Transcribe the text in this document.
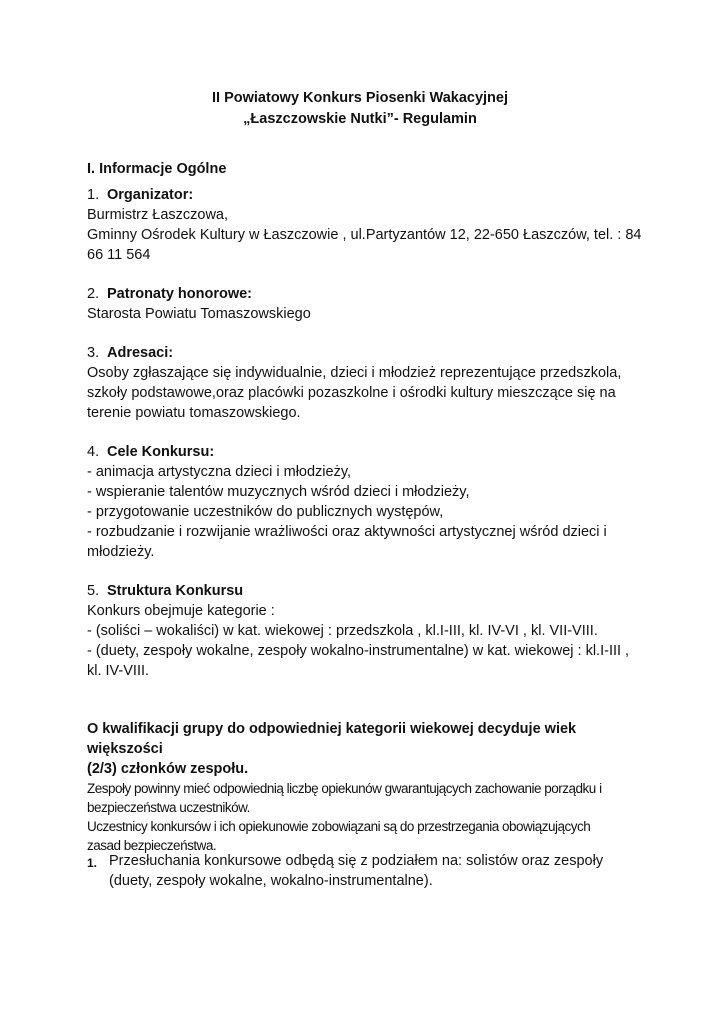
II Powiatowy Konkurs Piosenki Wakacyjnej
„Łaszczowskie Nutki”- Regulamin

I. Informacje Ogólne

1. Organizator:

Burmistrz Łaszczowa,

Gminny Ośrodek Kultury w Łaszczowie , ul.Partyzantów 12, 22-650 Łaszczów, tel. : 84

66 11 564

2. Patronaty honorowe:

Starosta Powiatu Tomaszowskiego

3. Adresaci:

Osoby zgłaszające się indywidualnie, dzieci i młodzież reprezentujące przedszkola,

szkoły podstawowe,oraz placówki pozaszkolne i ośrodki kultury mieszczące się na

terenie powiatu tomaszowskiego.

4. Cele Konkursu:

- animacja artystyczna dzieci i młodzieży,

- wspieranie talentów muzycznych wśród dzieci i młodzieży,

- przygotowanie uczestników do publicznych występów,

- rozbudzanie i rozwijanie wrażliwości oraz aktywności artystycznej wśród dzieci i

młodzieży.

5. Struktura Konkursu

Konkurs obejmuje kategorie :

- (soliści – wokaliści) w kat. wiekowej : przedszkola , kl.I-III, kl. IV-VI , kl. VII-VIII.

- (duety, zespoły wokalne, zespoły wokalno-instrumentalne) w kat. wiekowej : kl.I-III ,

kl. IV-VIII.

O kwalifikacji grupy do odpowiedniej kategorii wiekowej decyduje wiek większości

(2/3) członków zespołu.

Zespoły powinny mieć odpowiednią liczbę opiekunów gwarantujących zachowanie porządku i

bezpieczeństwa uczestników.

Uczestnicy konkursów i ich opiekunowie zobowiązani są do przestrzegania obowiązujących

zasad bezpieczeństwa.

1. Przesłuchania konkursowe odbędą się z podziałem na: solistów oraz zespoły
(duety, zespoły wokalne, wokalno-instrumentalne).
